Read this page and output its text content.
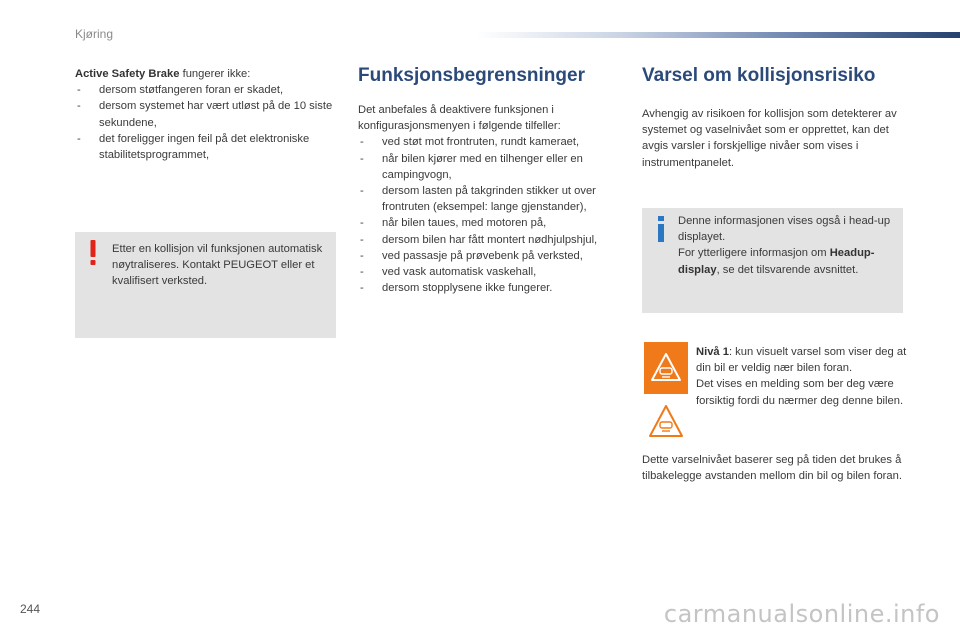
Kjøring

Active Safety Brake fungerer ikke:

- dersom støtfangeren foran er skadet,
- dersom systemet har vært utløst på de 10 siste sekundene,
- det foreligger ingen feil på det elektroniske stabilitetsprogrammet,
Etter en kollisjon vil funksjonen automatisk nøytraliseres. Kontakt PEUGEOT eller et kvalifisert verksted.
Funksjonsbegrensninger

Det anbefales å deaktivere funksjonen i konfigurasjonsmenyen i følgende tilfeller:

- ved støt mot frontruten, rundt kameraet,
- når bilen kjører med en tilhenger eller en campingvogn,
- dersom lasten på takgrinden stikker ut over frontruten (eksempel: lange gjenstander),
- når bilen taues, med motoren på,
- dersom bilen har fått montert nødhjulpshjul,
- ved passasje på prøvebenk på verksted,
- ved vask automatisk vaskehall,
- dersom stopplysene ikke fungerer.
Varsel om kollisjonsrisiko

Avhengig av risikoen for kollisjon som detekterer av systemet og vaselnivået som er opprettet, kan det avgis varsler i forskjellige nivåer som vises i instrumentpanelet.

Denne informasjonen vises også i head-up displayet.

For ytterligere informasjon om Headup-display, se det tilsvarende avsnittet.

Nivå 1: kun visuelt varsel som viser deg at din bil er veldig nær bilen foran.

Det vises en melding som ber deg være forsiktig fordi du nærmer deg denne bilen.

Dette varselnivået baserer seg på tiden det brukes å tilbakelegge avstanden mellom din bil og bilen foran.
244	carmanualsonline.info
